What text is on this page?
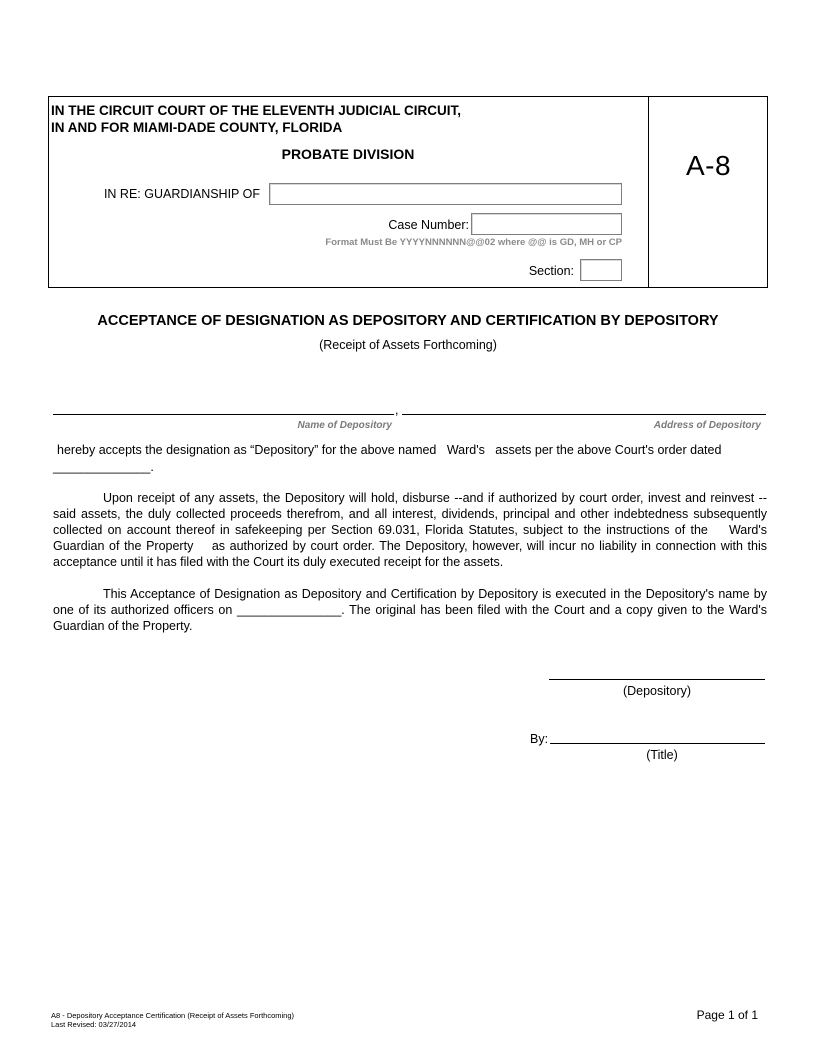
IN THE CIRCUIT COURT OF THE ELEVENTH JUDICIAL CIRCUIT,
IN AND FOR MIAMI-DADE COUNTY, FLORIDA
PROBATE DIVISION	A-8
IN RE: GUARDIANSHIP OF
Case Number:
Format Must Be YYYYNNNNNN@@02 where @@ is GD, MH or CP
Section:
ACCEPTANCE OF DESIGNATION AS DEPOSITORY AND CERTIFICATION BY DEPOSITORY
(Receipt of Assets Forthcoming)
,
Name of Depository	Address of Depository
hereby accepts the designation as “Depository” for the above named Ward's assets per the above Court's order dated
______________.
Upon receipt of any assets, the Depository will hold, disburse --and if authorized by court order, invest and reinvest --said assets, the duly collected proceeds therefrom, and all interest, dividends, principal and other indebtedness subsequently collected on account thereof in safekeeping per Section 69.031, Florida Statutes, subject to the instructions of the Ward's Guardian of the Property as authorized by court order. The Depository, however, will incur no liability in connection with this acceptance until it has filed with the Court its duly executed receipt for the assets.
This Acceptance of Designation as Depository and Certification by Depository is executed in the Depository's name by one of its authorized officers on _______________. The original has been filed with the Court and a copy given to the Ward's Guardian of the Property.
(Depository)
By:
(Title)
A8 - Depository Acceptance Certification (Receipt of Assets Forthcoming)
Last Revised: 03/27/2014
Page 1 of 1
